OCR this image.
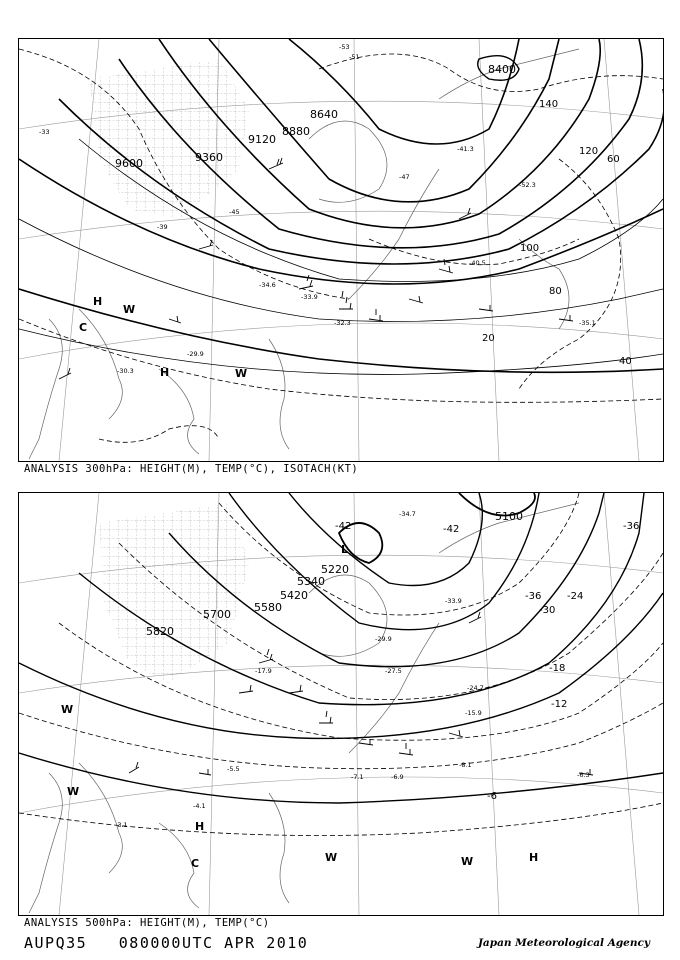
9600	9360
9120
8880
8640
8400
20
40
60
80
100
120
140
-51
-53
-47
-45
-39
-33
-29.9
-30.3
-33.9
-32.3
-41.3
-52.3
-35.1
-40.5
-34.6
H
H
C
W
W
ANALYSIS 300hPa: HEIGHT(M), TEMP(°C), ISOTACH(KT)
5100
5220
5340
5420
5580
5700
5820
-42
-36
-30
-24
-18
-12
-6
-42	-36
-34.7
-33.9
-29.9
-27.5
-24.7
-17.9
-15.9
-8.1
-7.1	-6.9
-5.5
-4.1
-3.1
-6.3
L
H
H
C
W
W
W	W
ANALYSIS 500hPa: HEIGHT(M), TEMP(°C)
AUPQ35 080000UTC APR 2010	Japan Meteorological Agency
